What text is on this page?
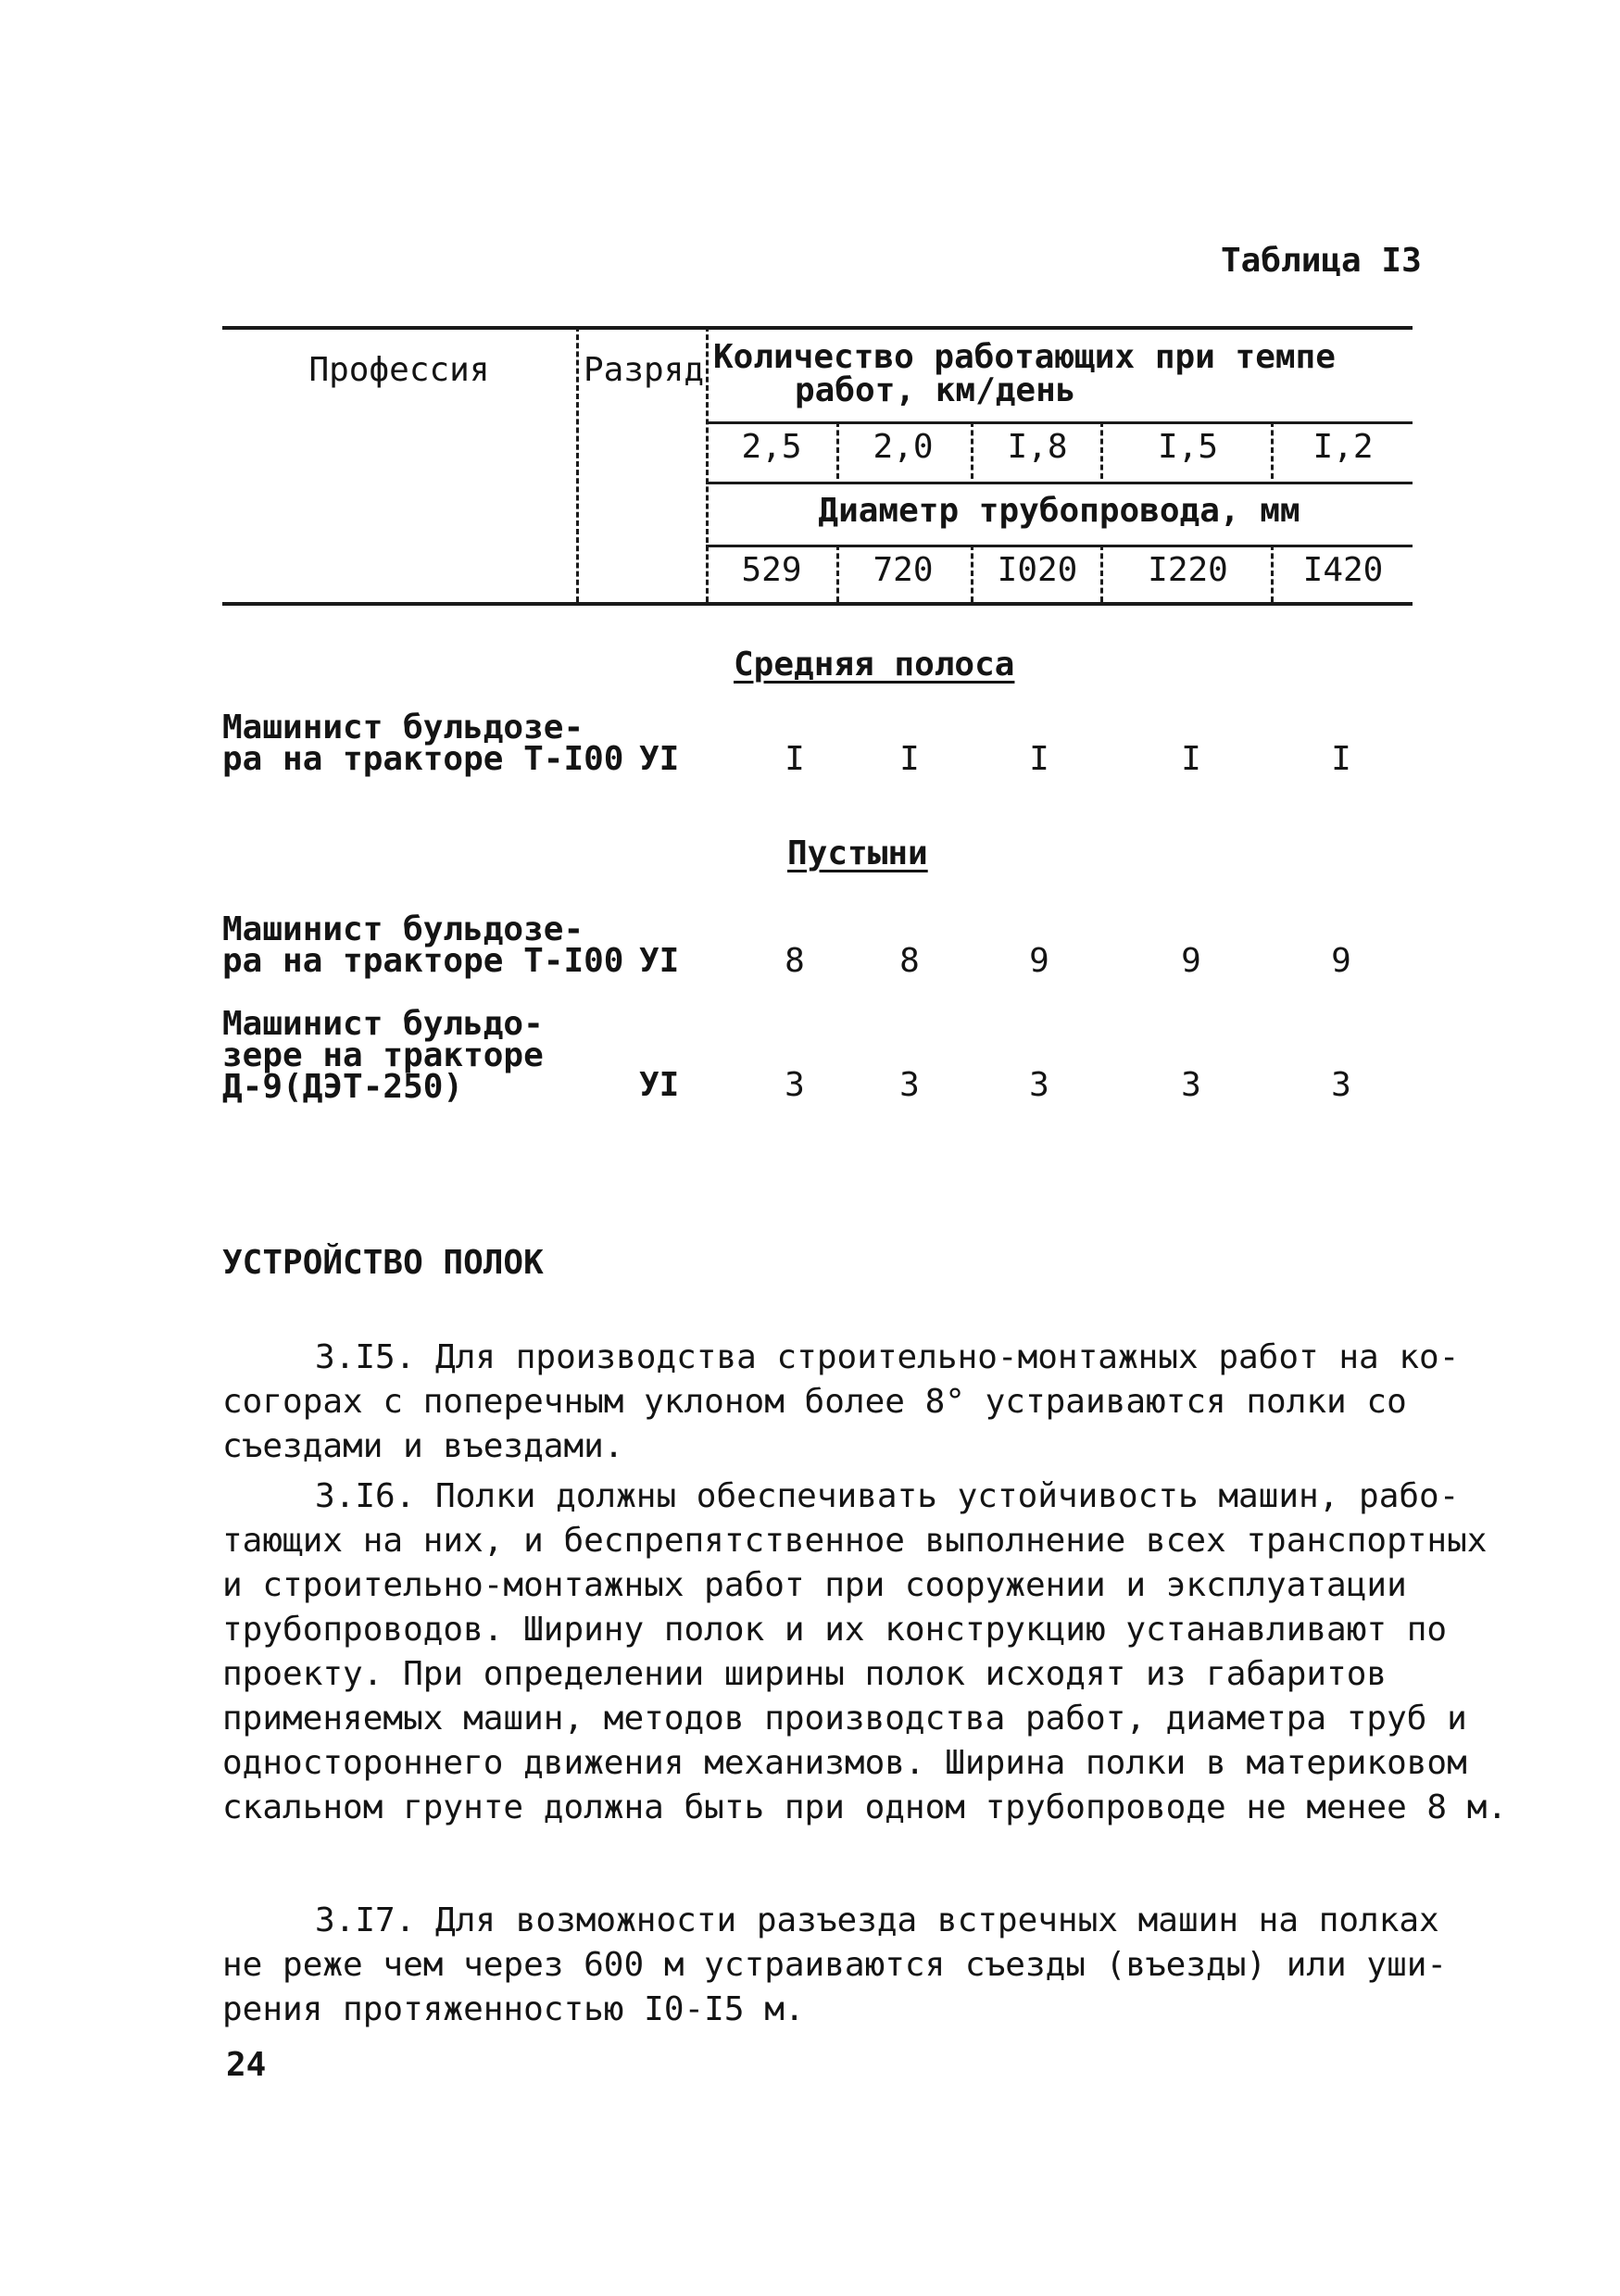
Таблица I3
Профессия	Разряд Количество работающих при темпе
работ, км/день
2,5	2,0	I,8	I,5	I,2
Диаметр трубопровода, мм
529	720	I020	I220	I420
Средняя полоса
Машинист бульдозе-
ра на тракторе Т-I00 УI	I	I	I	I	I
Пустыни
Машинист бульдозе-
ра на тракторе Т-I00 УI	8	8	9	9	9
Машинист бульдо-
зере на тракторе
Д-9(ДЭТ-250)	УI	3	3	3	3	3
УСТРОЙСТВО ПОЛОК
3.I5. Для производства строительно-монтажных работ на ко-
согорах с поперечным уклоном более 8° устраиваются полки со
съездами и въездами.
3.I6. Полки должны обеспечивать устойчивость машин, рабо-
тающих на них, и беспрепятственное выполнение всех транспортных
и строительно-монтажных работ при сооружении и эксплуатации
трубопроводов. Ширину полок и их конструкцию устанавливают по
проекту. При определении ширины полок исходят из габаритов
применяемых машин, методов производства работ, диаметра труб и
одностороннего движения механизмов. Ширина полки в материковом
скальном грунте должна быть при одном трубопроводе не менее 8 м.
3.I7. Для возможности разъезда встречных машин на полках
не реже чем через 600 м устраиваются съезды (въезды) или уши-
рения протяженностью I0-I5 м.
24
